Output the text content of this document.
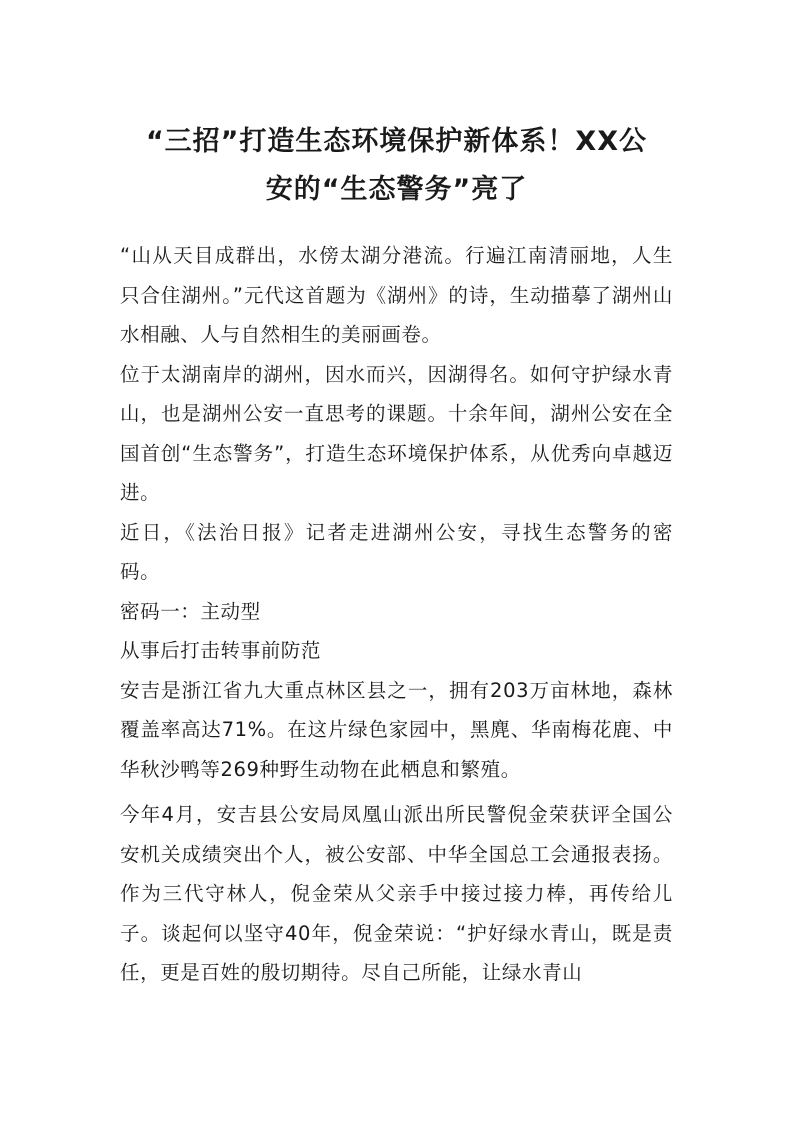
“三招”打造生态环境保护新体系！XX公
安的“生态警务”亮了

“山从天目成群出，水傍太湖分港流。行遍江南清丽地，人生只合住湖州。”元代这首题为《湖州》的诗，生动描摹了湖州山水相融、人与自然相生的美丽画卷。

位于太湖南岸的湖州，因水而兴，因湖得名。如何守护绿水青山，也是湖州公安一直思考的课题。十余年间，湖州公安在全国首创“生态警务”，打造生态环境保护体系，从优秀向卓越迈进。

近日，《法治日报》记者走进湖州公安，寻找生态警务的密码。

密码一：主动型

从事后打击转事前防范

安吉是浙江省九大重点林区县之一，拥有203万亩林地，森林覆盖率高达71%。在这片绿色家园中，黑麂、华南梅花鹿、中华秋沙鸭等269种野生动物在此栖息和繁殖。

今年4月，安吉县公安局凤凰山派出所民警倪金荣获评全国公安机关成绩突出个人，被公安部、中华全国总工会通报表扬。作为三代守林人，倪金荣从父亲手中接过接力棒，再传给儿子。谈起何以坚守40年，倪金荣说：“护好绿水青山，既是责任，更是百姓的殷切期待。尽自己所能，让绿水青山
